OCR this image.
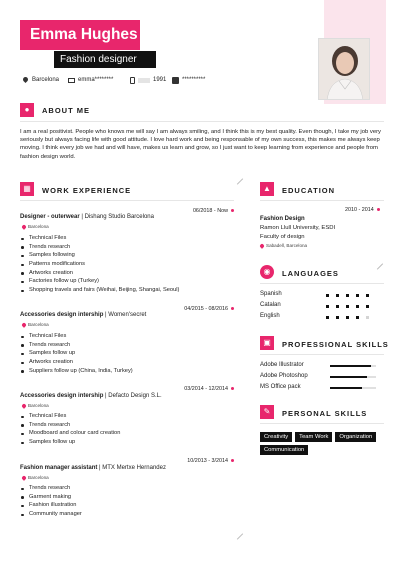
Emma Hughes
Fashion designer
Barcelona	emma********	1991	**********
●	ABOUT ME
I am a real positivist. People who knows me will say I am always smiling, and I think this is my best quality. Even though, I take my job very seriously but always facing life with good attitude. I love hard work and being responsable of my own success, this makes me always keep moving. I think every job we had and will have, makes us learn and grow, so I just want to keep learning from experience and people from fashion design world.
▦	WORK EXPERIENCE
06/2018 - Now
Designer - outerwear | Dishang Studio Barcelona
Barcelona
Technical Files
Trends research
Samples following
Patterns modifications
Artworks creation
Factories follow up (Turkey)
Shopping travels and fairs (Weihai, Beijing, Shangai, Seoul)
04/2015 - 08/2016
Accessories design intership | Women'secret
Barcelona
Technical Files
Trends research
Samples follow up
Artworks creation
Suppliers follow up (China, India, Turkey)
03/2014 - 12/2014
Accessories design intership | Defacto Design S.L.
Barcelona
Technical Files
Trends research
Moodboard and colour card creation
Samples follow up
10/2013 - 3/2014
Fashion manager assistant | MTX Mertxe Hernandez
Barcelona
Trends research
Garment making
Fashion illustration
Community manager
▲	EDUCATION
2010 - 2014
Fashion Design
Ramon Llull University, ESDI
Faculty of design
Sabadell, Barcelona
◉	LANGUAGES
Spanish
Catalan
English
▣	PROFESSIONAL SKILLS
Adobe Illustrator
Adobe Photoshop
MS Office pack
✎	PERSONAL SKILLS
Creativity	Team Work	Organization
Communication
